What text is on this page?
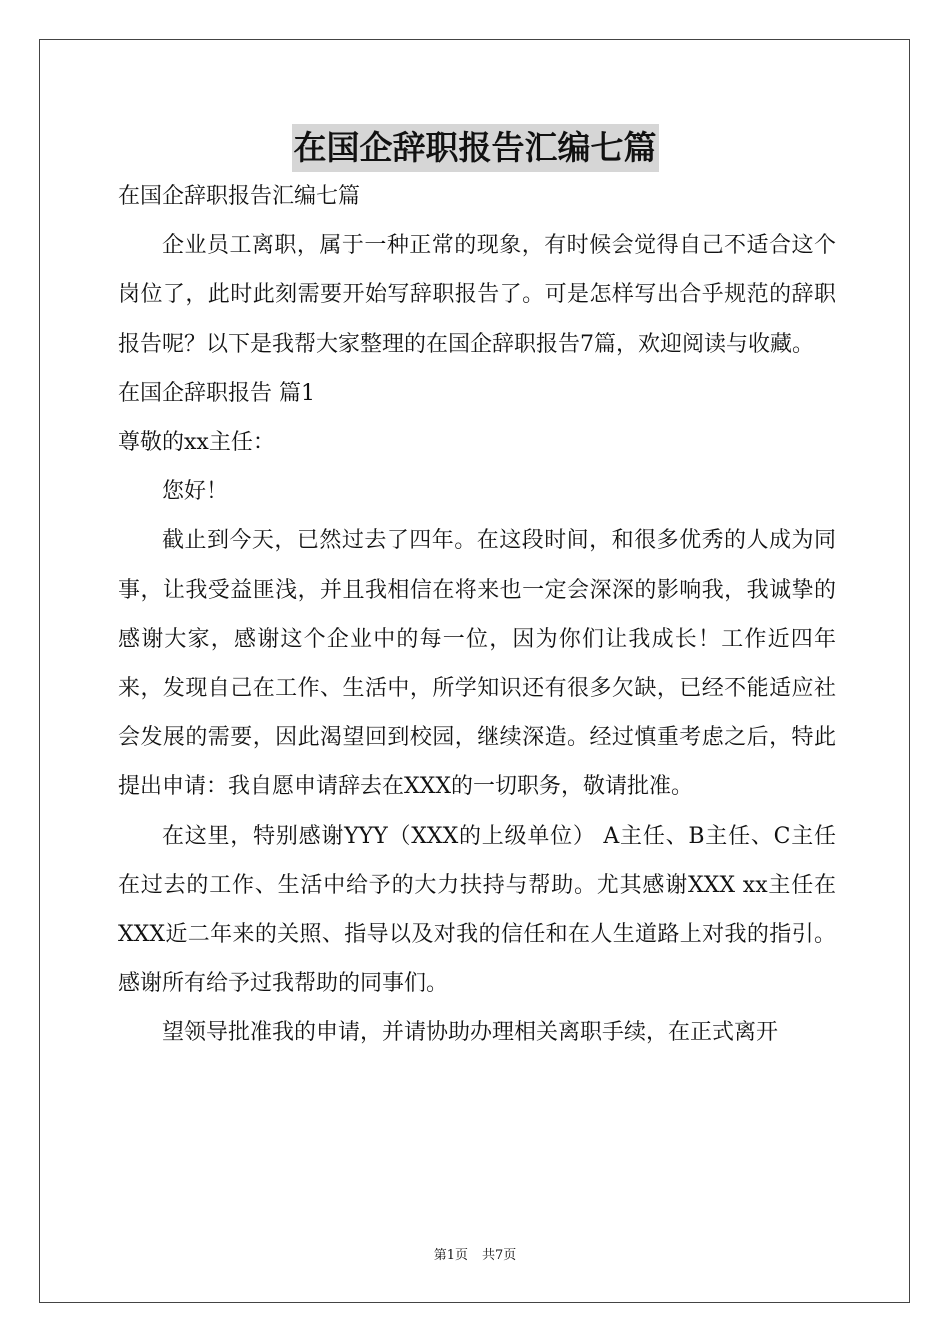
在国企辞职报告汇编七篇

在国企辞职报告汇编七篇

企业员工离职，属于一种正常的现象，有时候会觉得自己不适合这个岗位了，此时此刻需要开始写辞职报告了。可是怎样写出合乎规范的辞职报告呢？以下是我帮大家整理的在国企辞职报告7篇，欢迎阅读与收藏。

在国企辞职报告 篇1

尊敬的xx主任：

您好！

截止到今天，已然过去了四年。在这段时间，和很多优秀的人成为同事，让我受益匪浅，并且我相信在将来也一定会深深的影响我，我诚挚的感谢大家，感谢这个企业中的每一位，因为你们让我成长！工作近四年来，发现自己在工作、生活中，所学知识还有很多欠缺，已经不能适应社会发展的需要，因此渴望回到校园，继续深造。经过慎重考虑之后，特此提出申请：我自愿申请辞去在XXX的一切职务，敬请批准。

在这里，特别感谢YYY（XXX的上级单位） A主任、B主任、C主任在过去的工作、生活中给予的大力扶持与帮助。尤其感谢XXX xx主任在XXX近二年来的关照、指导以及对我的信任和在人生道路上对我的指引。感谢所有给予过我帮助的同事们。

望领导批准我的申请，并请协助办理相关离职手续，在正式离开

第1页 共7页
